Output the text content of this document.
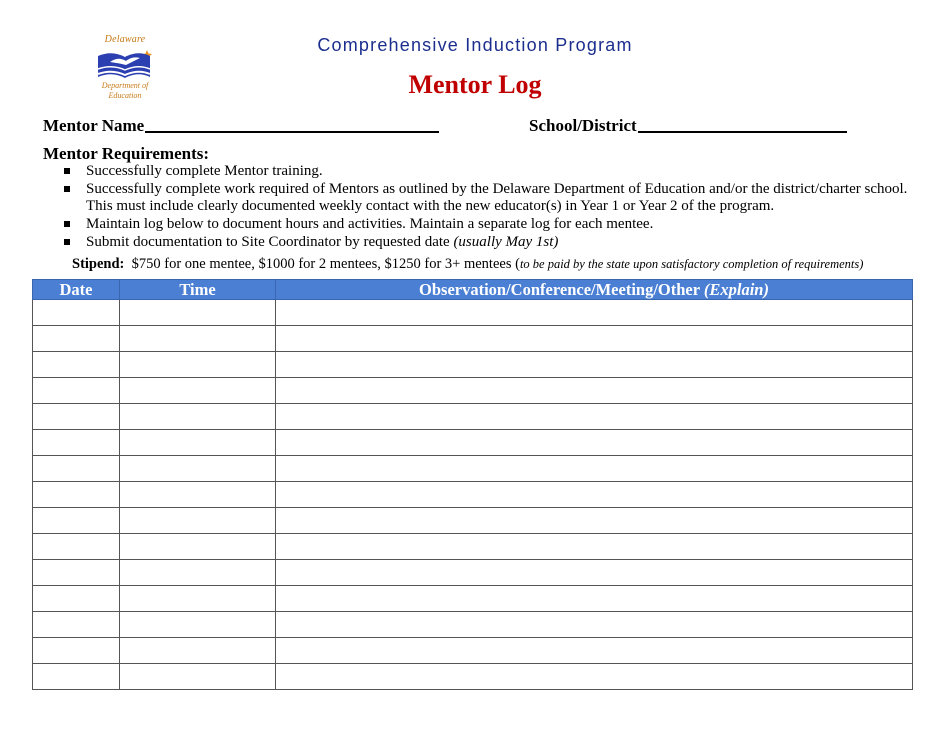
Delaware
Department of
Education
Comprehensive Induction Program
Mentor Log
Mentor Name	School/District
Mentor Requirements:
Successfully complete Mentor training.
Successfully complete work required of Mentors as outlined by the Delaware Department of Education and/or the district/charter school. This must include clearly documented weekly contact with the new educator(s) in Year 1 or Year 2 of the program.
Maintain log below to document hours and activities. Maintain a separate log for each mentee.
Submit documentation to Site Coordinator by requested date (usually May 1st)
Stipend: $750 for one mentee, $1000 for 2 mentees, $1250 for 3+ mentees (to be paid by the state upon satisfactory completion of requirements)
Date	Time	Observation/Conference/Meeting/Other (Explain)
